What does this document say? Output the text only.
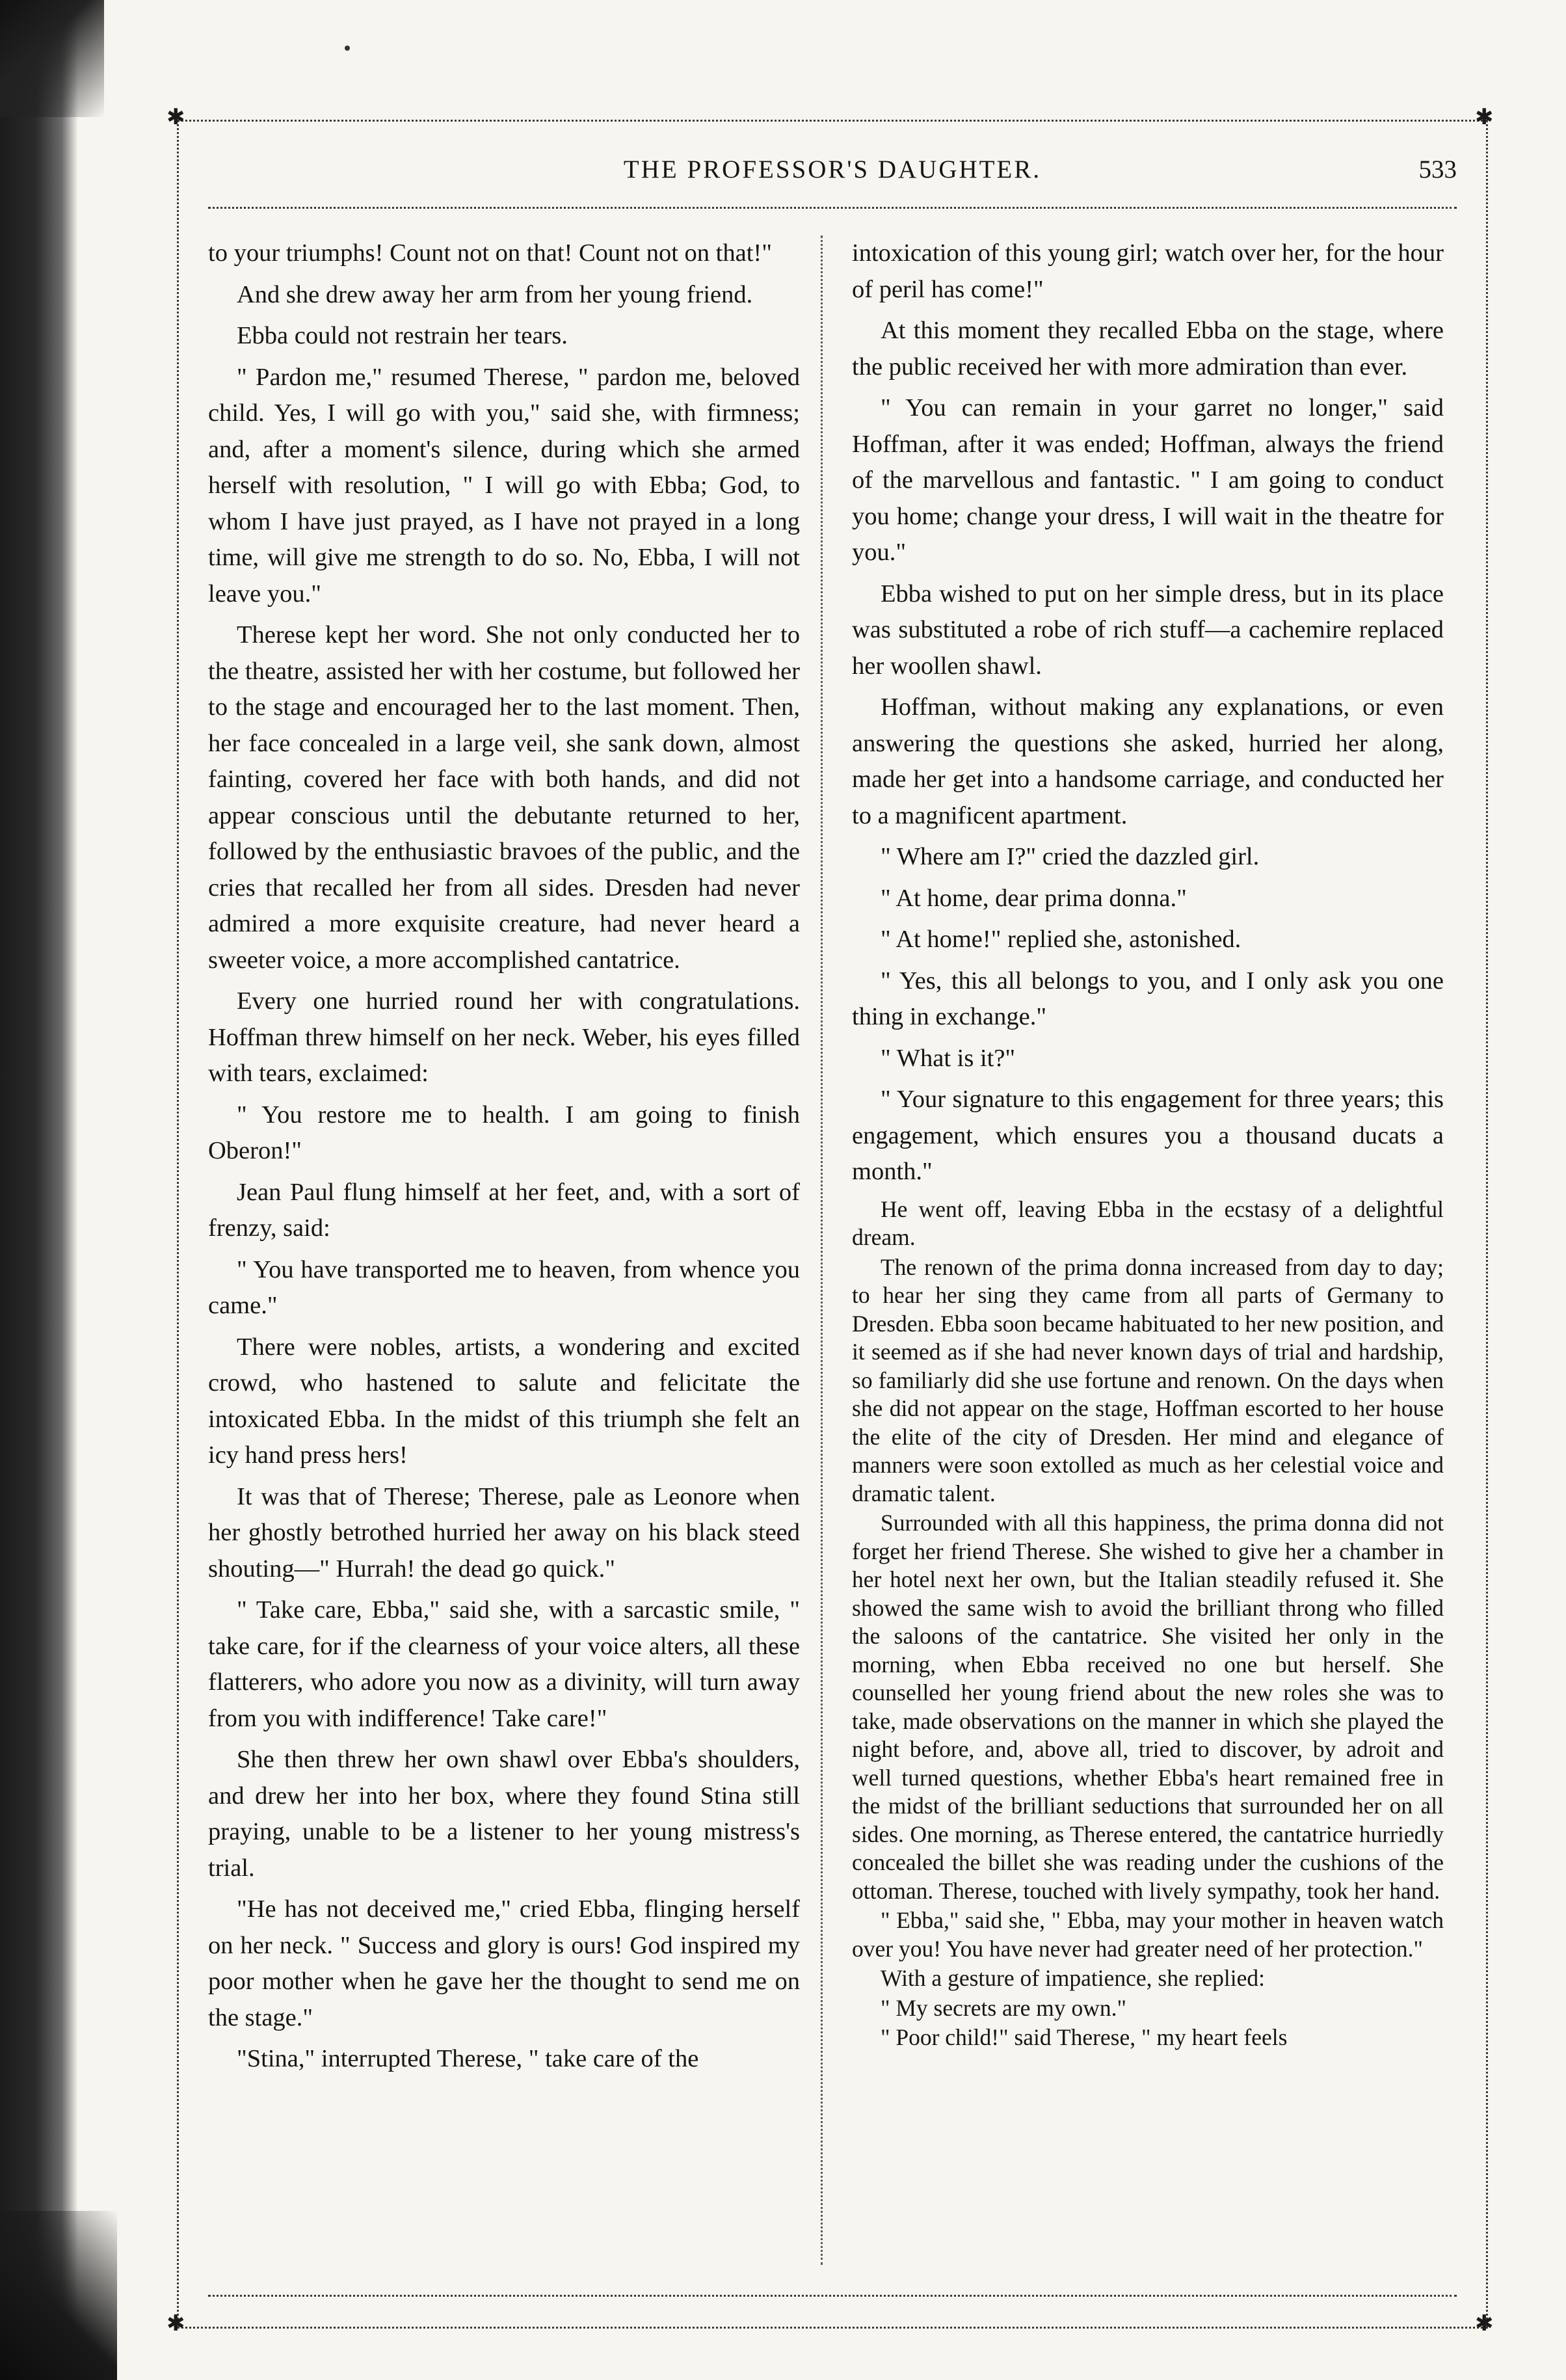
✱	✱
✱	✱
THE PROFESSOR'S DAUGHTER.	533

to your triumphs! Count not on that! Count not on that!"

And she drew away her arm from her young friend.

Ebba could not restrain her tears.

" Pardon me," resumed Therese, " pardon me, beloved child. Yes, I will go with you," said she, with firmness; and, after a moment's silence, during which she armed herself with resolution, " I will go with Ebba; God, to whom I have just prayed, as I have not prayed in a long time, will give me strength to do so. No, Ebba, I will not leave you."

Therese kept her word. She not only conducted her to the theatre, assisted her with her costume, but followed her to the stage and encouraged her to the last moment. Then, her face concealed in a large veil, she sank down, almost fainting, covered her face with both hands, and did not appear conscious until the debutante returned to her, followed by the enthusiastic bravoes of the public, and the cries that recalled her from all sides. Dresden had never admired a more exquisite creature, had never heard a sweeter voice, a more accomplished cantatrice.

Every one hurried round her with congratulations. Hoffman threw himself on her neck. Weber, his eyes filled with tears, exclaimed:

" You restore me to health. I am going to finish Oberon!"

Jean Paul flung himself at her feet, and, with a sort of frenzy, said:

" You have transported me to heaven, from whence you came."

There were nobles, artists, a wondering and excited crowd, who hastened to salute and felicitate the intoxicated Ebba. In the midst of this triumph she felt an icy hand press hers!

It was that of Therese; Therese, pale as Leonore when her ghostly betrothed hurried her away on his black steed shouting—" Hurrah! the dead go quick."

" Take care, Ebba," said she, with a sarcastic smile, " take care, for if the clearness of your voice alters, all these flatterers, who adore you now as a divinity, will turn away from you with indifference! Take care!"

She then threw her own shawl over Ebba's shoulders, and drew her into her box, where they found Stina still praying, unable to be a listener to her young mistress's trial.

"He has not deceived me," cried Ebba, flinging herself on her neck. " Success and glory is ours! God inspired my poor mother when he gave her the thought to send me on the stage."

"Stina," interrupted Therese, " take care of the

intoxication of this young girl; watch over her, for the hour of peril has come!"

At this moment they recalled Ebba on the stage, where the public received her with more admiration than ever.

" You can remain in your garret no longer," said Hoffman, after it was ended; Hoffman, always the friend of the marvellous and fantastic. " I am going to conduct you home; change your dress, I will wait in the theatre for you."

Ebba wished to put on her simple dress, but in its place was substituted a robe of rich stuff—a cachemire replaced her woollen shawl.

Hoffman, without making any explanations, or even answering the questions she asked, hurried her along, made her get into a handsome carriage, and conducted her to a magnificent apartment.

" Where am I?" cried the dazzled girl.

" At home, dear prima donna."

" At home!" replied she, astonished.

" Yes, this all belongs to you, and I only ask you one thing in exchange."

" What is it?"

" Your signature to this engagement for three years; this engagement, which ensures you a thousand ducats a month."

He went off, leaving Ebba in the ecstasy of a delightful dream.

The renown of the prima donna increased from day to day; to hear her sing they came from all parts of Germany to Dresden. Ebba soon became habituated to her new position, and it seemed as if she had never known days of trial and hardship, so familiarly did she use fortune and renown. On the days when she did not appear on the stage, Hoffman escorted to her house the elite of the city of Dresden. Her mind and elegance of manners were soon extolled as much as her celestial voice and dramatic talent.

Surrounded with all this happiness, the prima donna did not forget her friend Therese. She wished to give her a chamber in her hotel next her own, but the Italian steadily refused it. She showed the same wish to avoid the brilliant throng who filled the saloons of the cantatrice. She visited her only in the morning, when Ebba received no one but herself. She counselled her young friend about the new roles she was to take, made observations on the manner in which she played the night before, and, above all, tried to discover, by adroit and well turned questions, whether Ebba's heart remained free in the midst of the brilliant seductions that surrounded her on all sides. One morning, as Therese entered, the cantatrice hurriedly concealed the billet she was reading under the cushions of the ottoman. Therese, touched with lively sympathy, took her hand.

" Ebba," said she, " Ebba, may your mother in heaven watch over you! You have never had greater need of her protection."

With a gesture of impatience, she replied:

" My secrets are my own."

" Poor child!" said Therese, " my heart feels
